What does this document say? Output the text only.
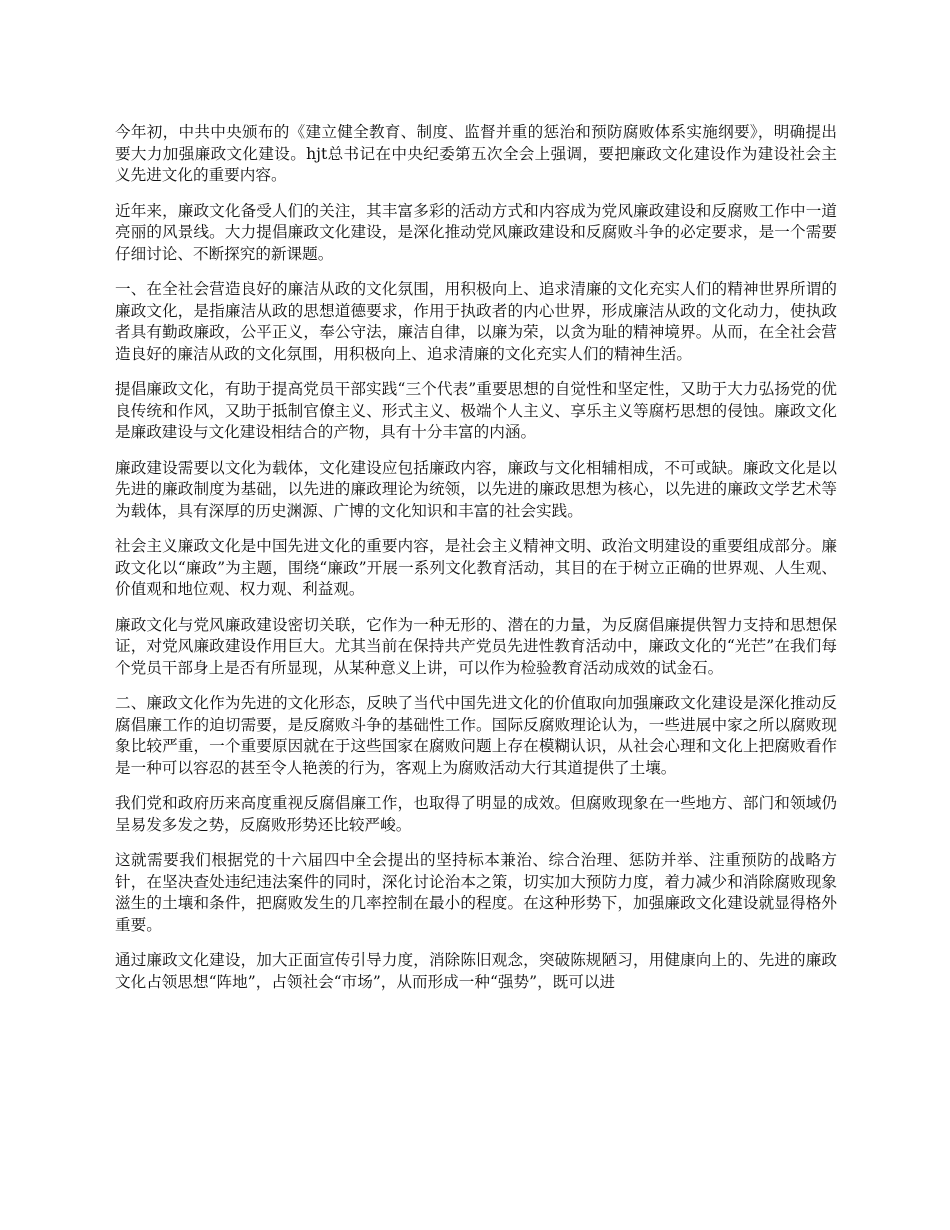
今年初，中共中央颁布的《建立健全教育、制度、监督并重的惩治和预防腐败体系实施纲要》，明确提出要大力加强廉政文化建设。hjt总书记在中央纪委第五次全会上强调，要把廉政文化建设作为建设社会主义先进文化的重要内容。

近年来，廉政文化备受人们的关注，其丰富多彩的活动方式和内容成为党风廉政建设和反腐败工作中一道亮丽的风景线。大力提倡廉政文化建设，是深化推动党风廉政建设和反腐败斗争的必定要求，是一个需要仔细讨论、不断探究的新课题。

一、在全社会营造良好的廉洁从政的文化氛围，用积极向上、追求清廉的文化充实人们的精神世界所谓的廉政文化，是指廉洁从政的思想道德要求，作用于执政者的内心世界，形成廉洁从政的文化动力，使执政者具有勤政廉政，公平正义，奉公守法，廉洁自律，以廉为荣，以贪为耻的精神境界。从而，在全社会营造良好的廉洁从政的文化氛围，用积极向上、追求清廉的文化充实人们的精神生活。

提倡廉政文化，有助于提高党员干部实践“三个代表”重要思想的自觉性和坚定性，又助于大力弘扬党的优良传统和作风，又助于抵制官僚主义、形式主义、极端个人主义、享乐主义等腐朽思想的侵蚀。廉政文化是廉政建设与文化建设相结合的产物，具有十分丰富的内涵。

廉政建设需要以文化为载体，文化建设应包括廉政内容，廉政与文化相辅相成，不可或缺。廉政文化是以先进的廉政制度为基础，以先进的廉政理论为统领，以先进的廉政思想为核心，以先进的廉政文学艺术等为载体，具有深厚的历史渊源、广博的文化知识和丰富的社会实践。

社会主义廉政文化是中国先进文化的重要内容，是社会主义精神文明、政治文明建设的重要组成部分。廉政文化以“廉政”为主题，围绕“廉政”开展一系列文化教育活动，其目的在于树立正确的世界观、人生观、价值观和地位观、权力观、利益观。

廉政文化与党风廉政建设密切关联，它作为一种无形的、潜在的力量，为反腐倡廉提供智力支持和思想保证，对党风廉政建设作用巨大。尤其当前在保持共产党员先进性教育活动中，廉政文化的“光芒”在我们每个党员干部身上是否有所显现，从某种意义上讲，可以作为检验教育活动成效的试金石。

二、廉政文化作为先进的文化形态，反映了当代中国先进文化的价值取向加强廉政文化建设是深化推动反腐倡廉工作的迫切需要，是反腐败斗争的基础性工作。国际反腐败理论认为，一些进展中家之所以腐败现象比较严重，一个重要原因就在于这些国家在腐败问题上存在模糊认识，从社会心理和文化上把腐败看作是一种可以容忍的甚至令人艳羡的行为，客观上为腐败活动大行其道提供了土壤。

我们党和政府历来高度重视反腐倡廉工作，也取得了明显的成效。但腐败现象在一些地方、部门和领域仍呈易发多发之势，反腐败形势还比较严峻。

这就需要我们根据党的十六届四中全会提出的坚持标本兼治、综合治理、惩防并举、注重预防的战略方针，在坚决查处违纪违法案件的同时，深化讨论治本之策，切实加大预防力度，着力减少和消除腐败现象滋生的土壤和条件，把腐败发生的几率控制在最小的程度。在这种形势下，加强廉政文化建设就显得格外重要。

通过廉政文化建设，加大正面宣传引导力度，消除陈旧观念，突破陈规陋习，用健康向上的、先进的廉政文化占领思想“阵地”，占领社会“市场”，从而形成一种“强势”，既可以进
